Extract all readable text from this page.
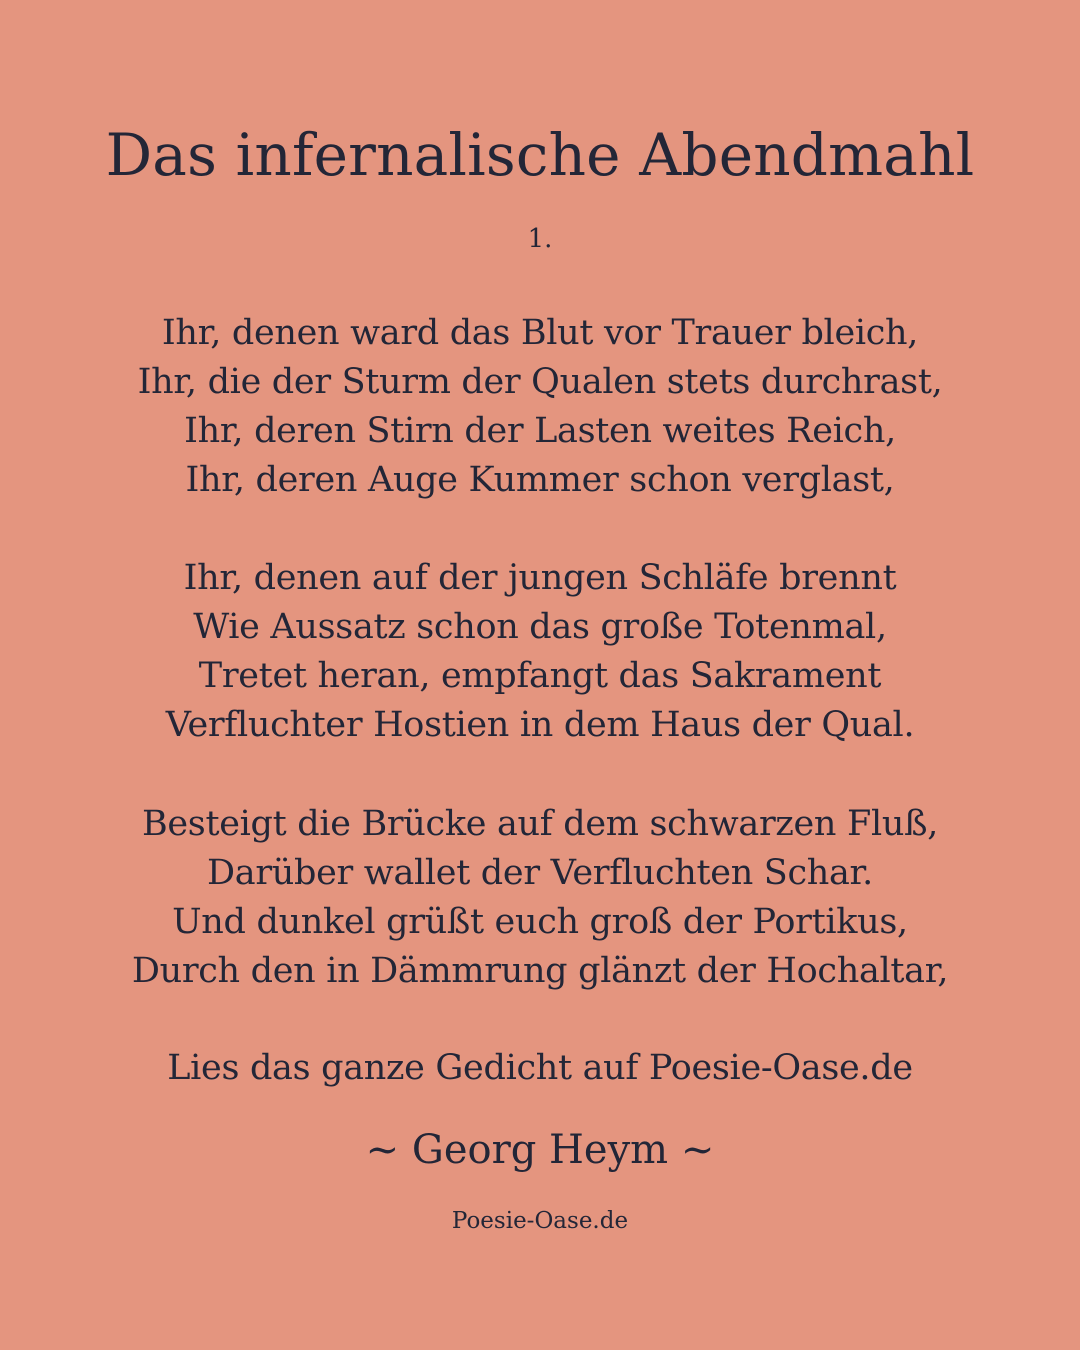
Das infernalische Abendmahl
1.
Ihr, denen ward das Blut vor Trauer bleich,
Ihr, die der Sturm der Qualen stets durchrast,
Ihr, deren Stirn der Lasten weites Reich,
Ihr, deren Auge Kummer schon verglast,
Ihr, denen auf der jungen Schläfe brennt
Wie Aussatz schon das große Totenmal,
Tretet heran, empfangt das Sakrament
Verfluchter Hostien in dem Haus der Qual.
Besteigt die Brücke auf dem schwarzen Fluß,
Darüber wallet der Verfluchten Schar.
Und dunkel grüßt euch groß der Portikus,
Durch den in Dämmrung glänzt der Hochaltar,
Lies das ganze Gedicht auf Poesie-Oase.de
~ Georg Heym ~
Poesie-Oase.de
